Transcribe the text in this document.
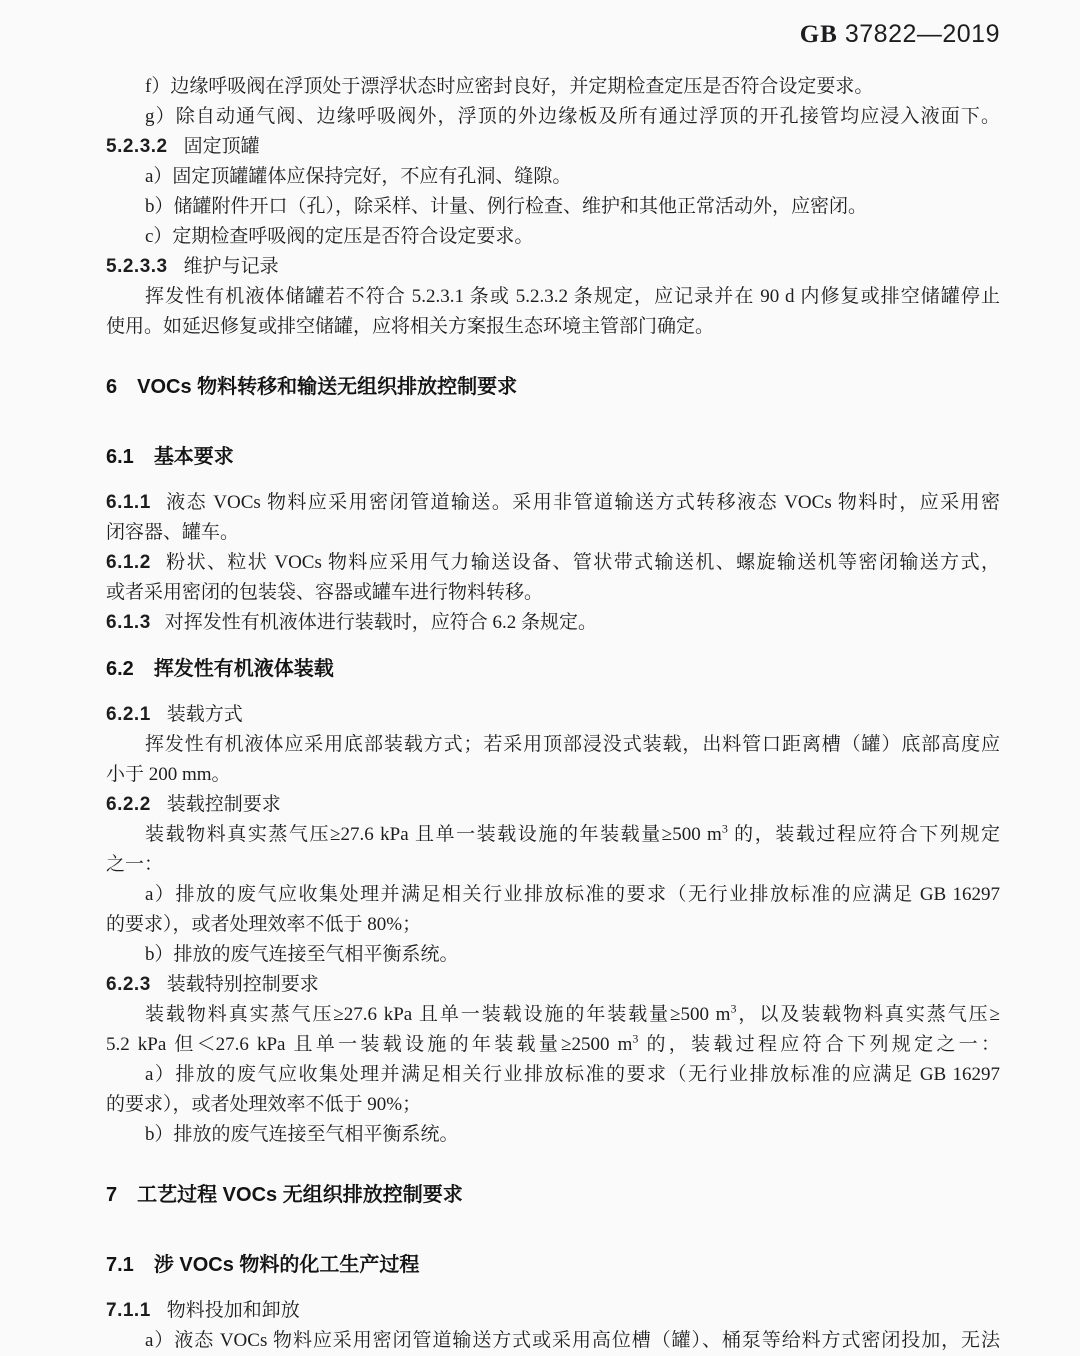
GB 37822—2019
f）边缘呼吸阀在浮顶处于漂浮状态时应密封良好，并定期检查定压是否符合设定要求。
g）除自动通气阀、边缘呼吸阀外，浮顶的外边缘板及所有通过浮顶的开孔接管均应浸入液面下。
5.2.3.2 固定顶罐
a）固定顶罐罐体应保持完好，不应有孔洞、缝隙。
b）储罐附件开口（孔），除采样、计量、例行检查、维护和其他正常活动外，应密闭。
c）定期检查呼吸阀的定压是否符合设定要求。
5.2.3.3 维护与记录
挥发性有机液体储罐若不符合 5.2.3.1 条或 5.2.3.2 条规定，应记录并在 90 d 内修复或排空储罐停止
使用。如延迟修复或排空储罐，应将相关方案报生态环境主管部门确定。
6 VOCs 物料转移和输送无组织排放控制要求
6.1 基本要求
6.1.1 液态 VOCs 物料应采用密闭管道输送。采用非管道输送方式转移液态 VOCs 物料时，应采用密
闭容器、罐车。
6.1.2 粉状、粒状 VOCs 物料应采用气力输送设备、管状带式输送机、螺旋输送机等密闭输送方式，
或者采用密闭的包装袋、容器或罐车进行物料转移。
6.1.3 对挥发性有机液体进行装载时，应符合 6.2 条规定。
6.2 挥发性有机液体装载
6.2.1 装载方式
挥发性有机液体应采用底部装载方式；若采用顶部浸没式装载，出料管口距离槽（罐）底部高度应
小于 200 mm。
6.2.2 装载控制要求
装载物料真实蒸气压≥27.6 kPa 且单一装载设施的年装载量≥500 $m^3$ 的，装载过程应符合下列规定
之一：
a）排放的废气应收集处理并满足相关行业排放标准的要求（无行业排放标准的应满足 GB 16297
的要求），或者处理效率不低于 80%；
b）排放的废气连接至气相平衡系统。
6.2.3 装载特别控制要求
装载物料真实蒸气压≥27.6 kPa 且单一装载设施的年装载量≥500 $m^3$，以及装载物料真实蒸气压≥
5.2 kPa 但＜27.6 kPa 且单一装载设施的年装载量≥2500 $m^3$ 的，装载过程应符合下列规定之一：
a）排放的废气应收集处理并满足相关行业排放标准的要求（无行业排放标准的应满足 GB 16297
的要求），或者处理效率不低于 90%；
b）排放的废气连接至气相平衡系统。
7 工艺过程 VOCs 无组织排放控制要求
7.1 涉 VOCs 物料的化工生产过程
7.1.1 物料投加和卸放
a）液态 VOCs 物料应采用密闭管道输送方式或采用高位槽（罐）、桶泵等给料方式密闭投加，无法
